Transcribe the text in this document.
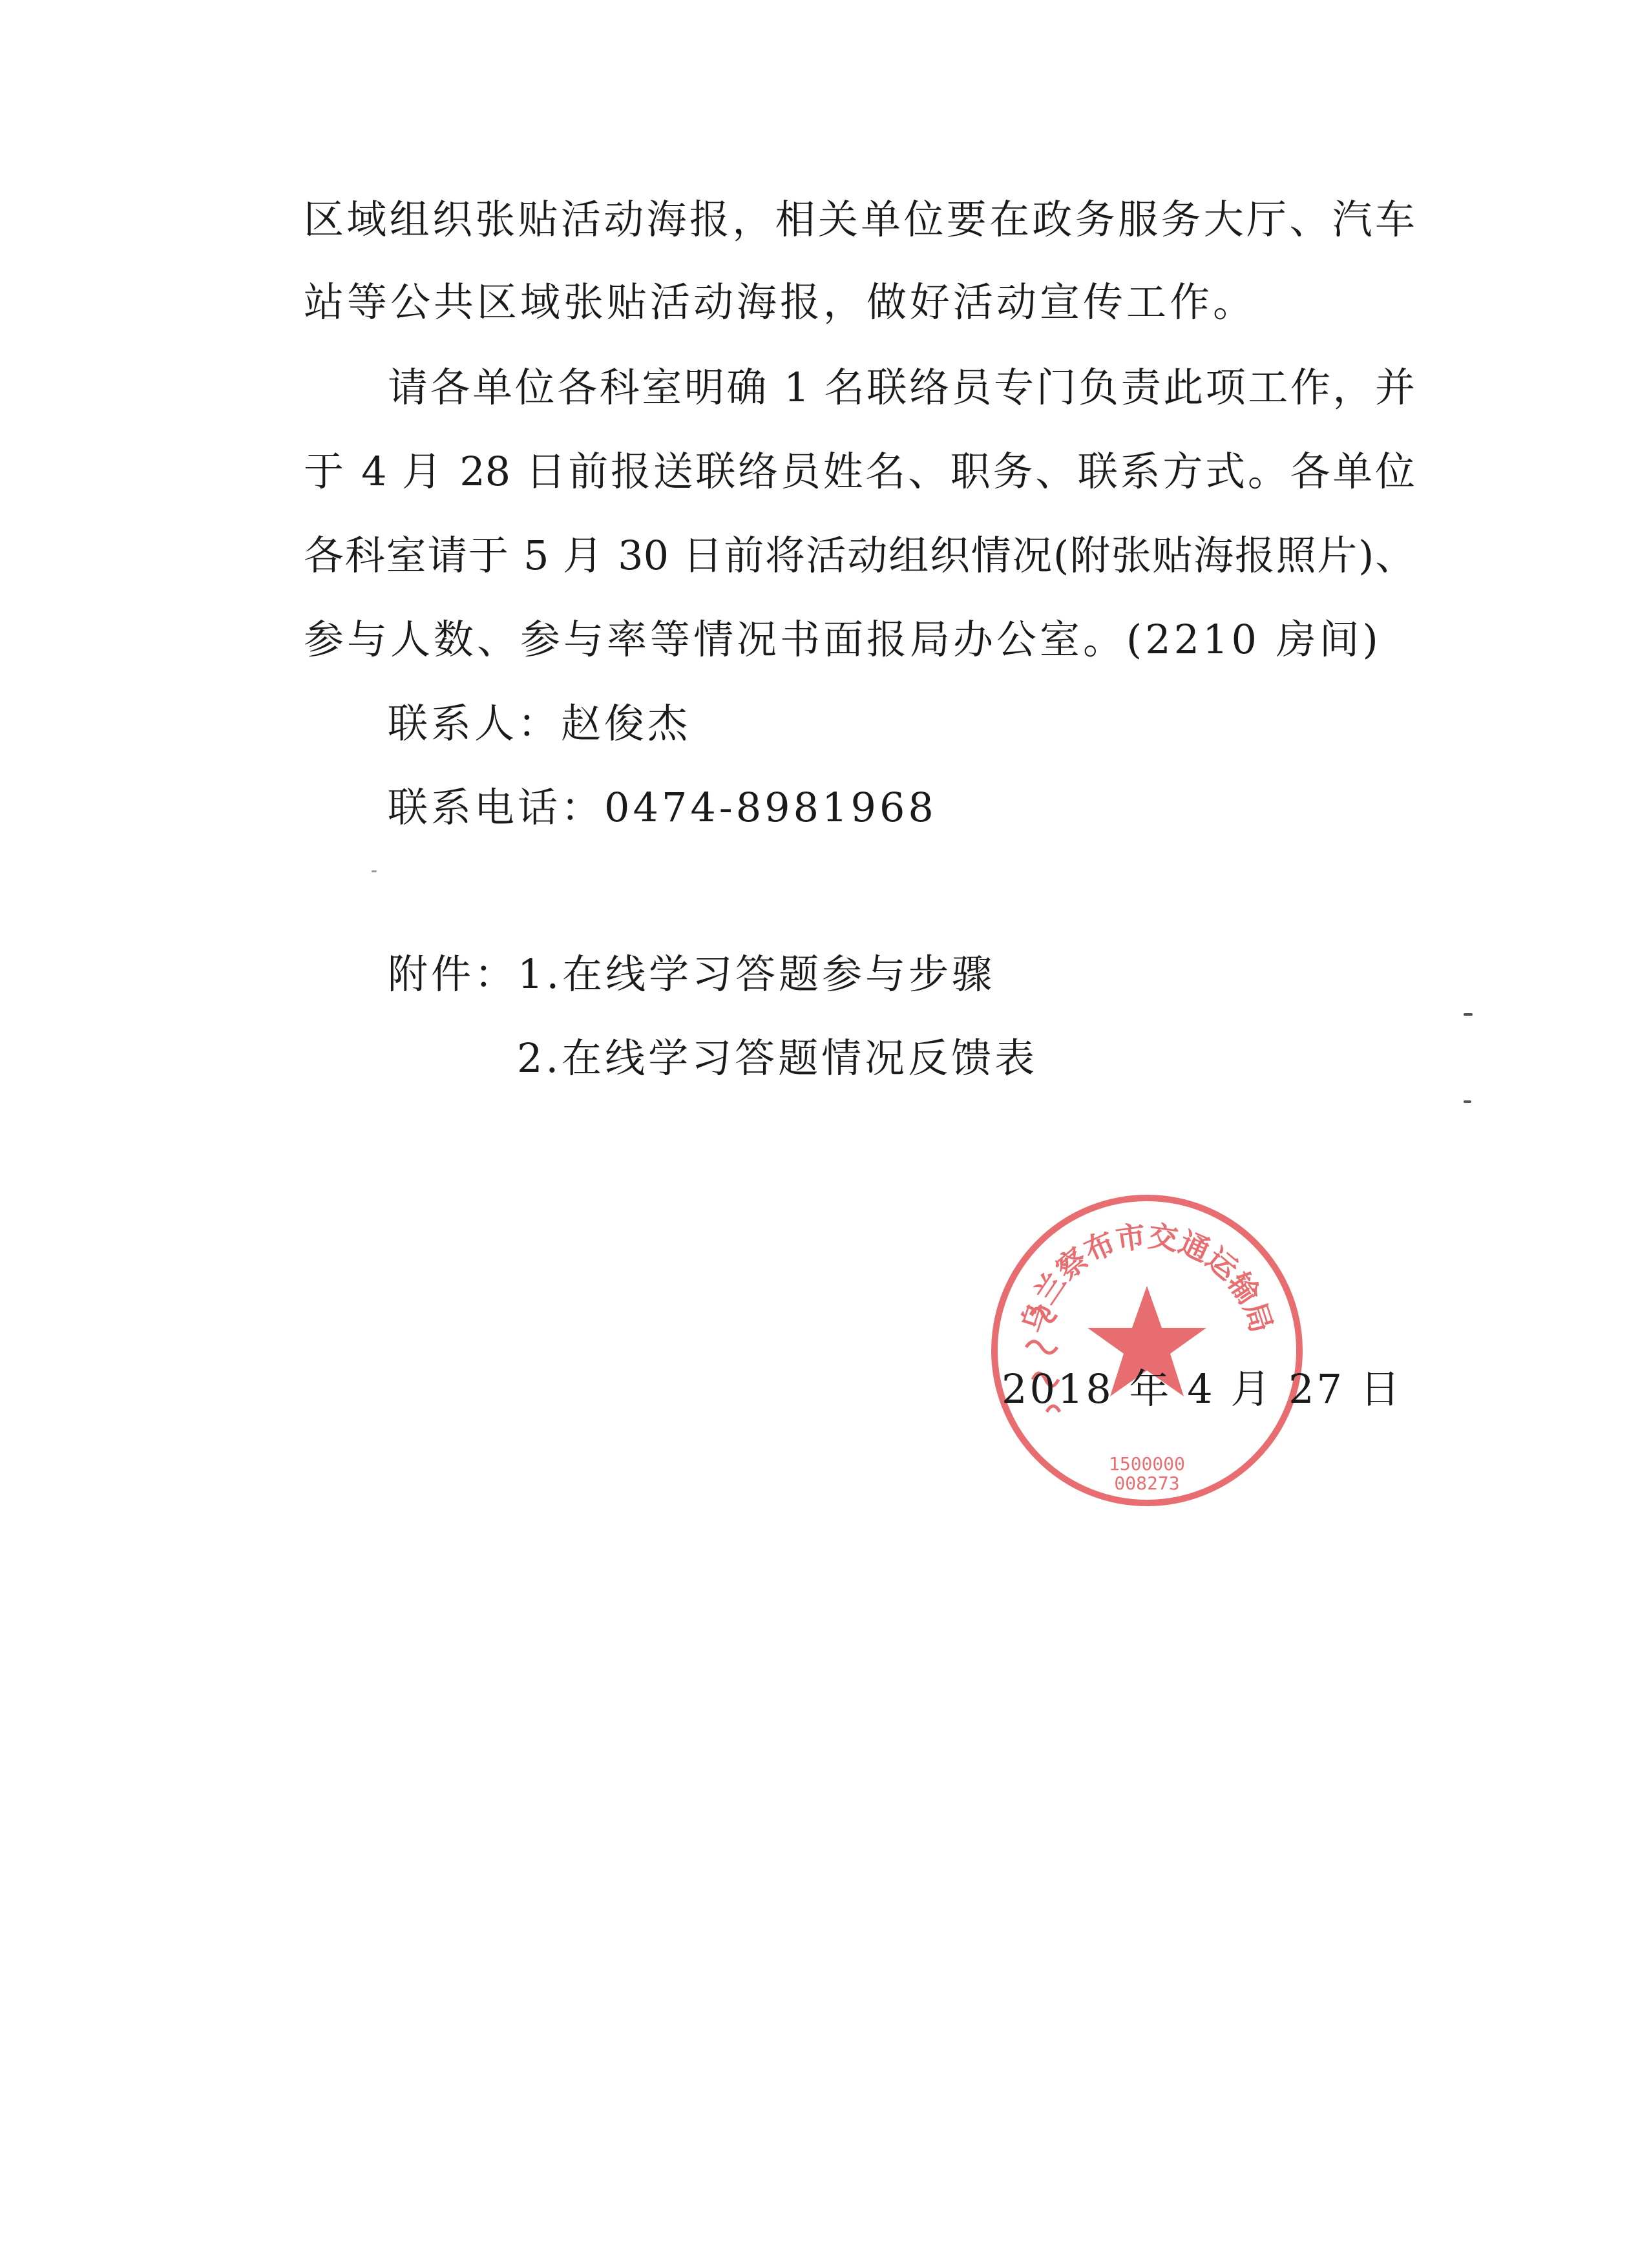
区域组织张贴活动海报，相关单位要在政务服务大厅、汽车
站等公共区域张贴活动海报，做好活动宣传工作。
请各单位各科室明确 1 名联络员专门负责此项工作，并
于 4 月 28 日前报送联络员姓名、职务、联系方式。各单位
各科室请于 5 月 30 日前将活动组织情况(附张贴海报照片)、
参与人数、参与率等情况书面报局办公室。(2210 房间)
联系人：赵俊杰
联系电话：0474-8981968
附件：1.在线学习答题参与步骤
2.在线学习答题情况反馈表
2018 年 4 月 27 日
乌兰察布市交通运输局
1500000
008273
